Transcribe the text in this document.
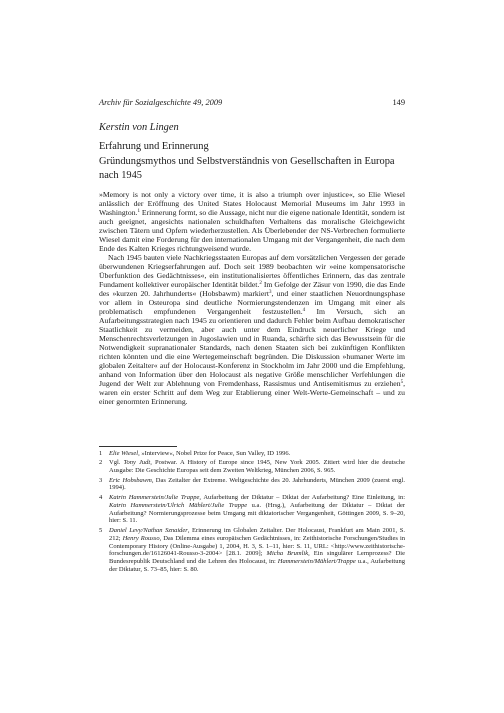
Archiv für Sozialgeschichte 49, 2009	149
Kerstin von Lingen
Erfahrung und Erinnerung
Gründungsmythos und Selbstverständnis von Gesellschaften in Europa nach 1945

»Memory is not only a victory over time, it is also a triumph over injustice«, so Elie Wiesel anlässlich der Eröffnung des United States Holocaust Memorial Museums im Jahr 1993 in Washington.$^1$ Erinnerung formt, so die Aussage, nicht nur die eigene nationale Identität, sondern ist auch geeignet, angesichts nationalen schuldhaften Verhaltens das moralische Gleichgewicht zwischen Tätern und Opfern wiederherzustellen. Als Überlebender der NS-Verbrechen formulierte Wiesel damit eine Forderung für den internationalen Umgang mit der Vergangenheit, die nach dem Ende des Kalten Krieges richtungweisend wurde.

Nach 1945 bauten viele Nachkriegsstaaten Europas auf dem vorsätzlichen Vergessen der gerade überwundenen Kriegserfahrungen auf. Doch seit 1989 beobachten wir »eine kompensatorische Überfunktion des Gedächtnisses«, ein institutionalisiertes öffentliches Erinnern, das das zentrale Fundament kollektiver europäischer Identität bildet.$^2$ Im Gefolge der Zäsur von 1990, die das Ende des »kurzen 20. Jahrhunderts« (Hobsbawm) markiert$^3$, und einer staatlichen Neuordnungsphase vor allem in Osteuropa sind deutliche Normierungstendenzen im Umgang mit einer als problematisch empfundenen Vergangenheit festzustellen.$^4$ Im Versuch, sich an Aufarbeitungsstrategien nach 1945 zu orientieren und dadurch Fehler beim Aufbau demokratischer Staatlichkeit zu vermeiden, aber auch unter dem Eindruck neuerlicher Kriege und Menschenrechtsverletzungen in Jugoslawien und in Ruanda, schärfte sich das Bewusstsein für die Notwendigkeit supranationaler Standards, nach denen Staaten sich bei zukünftigen Konflikten richten könnten und die eine Wertegemeinschaft begründen. Die Diskussion »humaner Werte im globalen Zeitalter« auf der Holocaust-Konferenz in Stockholm im Jahr 2000 und die Empfehlung, anhand von Information über den Holocaust als negative Größe menschlicher Verfehlungen die Jugend der Welt zur Ablehnung von Fremdenhass, Rassismus und Antisemitismus zu erziehen$^5$, waren ein erster Schritt auf dem Weg zur Etablierung einer Welt-Werte-Gemeinschaft – und zu einer genormten Erinnerung.

1 Elie Wiesel, »Interview«, Nobel Prize for Peace, Sun Valley, ID 1996.
2 Vgl. Tony Judt, Postwar. A History of Europe since 1945, New York 2005. Zitiert wird hier die deutsche Ausgabe: Die Geschichte Europas seit dem Zweiten Weltkrieg, München 2006, S. 965.
3 Eric Hobsbawm, Das Zeitalter der Extreme. Weltgeschichte des 20. Jahrhunderts, München 2009 (zuerst engl. 1994).
4 Katrin Hammerstein/Julie Trappe, Aufarbeitung der Diktatur – Diktat der Aufarbeitung? Eine Einleitung, in: Katrin Hammerstein/Ulrich Mählert/Julie Trappe u.a. (Hrsg.), Aufarbeitung der Diktatur – Diktat der Aufarbeitung? Normierungsprozesse beim Umgang mit diktatorischer Vergangenheit, Göttingen 2009, S. 9–20, hier: S. 11.
5 Daniel Levy/Nathan Sznaider, Erinnerung im Globalen Zeitalter. Der Holocaust, Frankfurt am Main 2001, S. 212; Henry Rousso, Das Dilemma eines europäischen Gedächtnisses, in: Zeithistorische Forschungen/Studies in Contemporary History (Online-Ausgabe) 1, 2004, H. 3, S. 1–11, hier: S. 11, URL: <http://www.zeithistorische-forschungen.de/16126041-Rousso-3-2004> [28.1. 2009]; Micha Brumlik, Ein singulärer Lernprozess? Die Bundesrepublik Deutschland und die Lehren des Holocaust, in: Hammerstein/Mählert/Trappe u.a., Aufarbeitung der Diktatur, S. 73–85, hier: S. 80.
